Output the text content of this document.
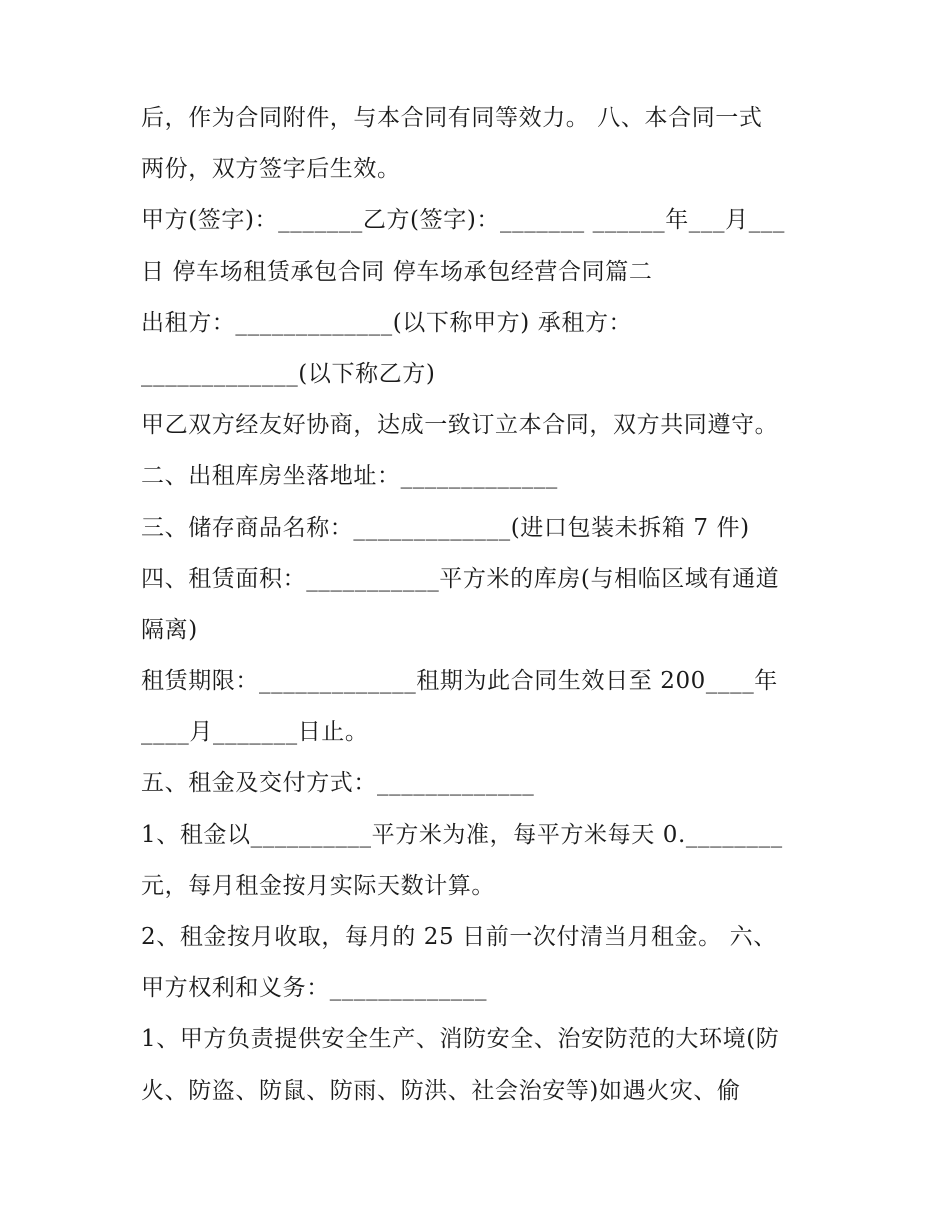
后，作为合同附件，与本合同有同等效力。 八、本合同一式
两份，双方签字后生效。
甲方(签字)：_______乙方(签字)：_______ ______年___月___
日 停车场租赁承包合同 停车场承包经营合同篇二
出租方：_____________(以下称甲方) 承租方：
_____________(以下称乙方)
甲乙双方经友好协商，达成一致订立本合同，双方共同遵守。
二、出租库房坐落地址：_____________
三、储存商品名称：_____________(进口包装未拆箱 7 件)
四、租赁面积：___________平方米的库房(与相临区域有通道
隔离)
租赁期限：_____________租期为此合同生效日至 200____年
____月_______日止。
五、租金及交付方式：_____________
1、租金以__________平方米为准，每平方米每天 0.________
元，每月租金按月实际天数计算。
2、租金按月收取，每月的 25 日前一次付清当月租金。 六、
甲方权利和义务：_____________
1、甲方负责提供安全生产、消防安全、治安防范的大环境(防
火、防盗、防鼠、防雨、防洪、社会治安等)如遇火灾、偷
